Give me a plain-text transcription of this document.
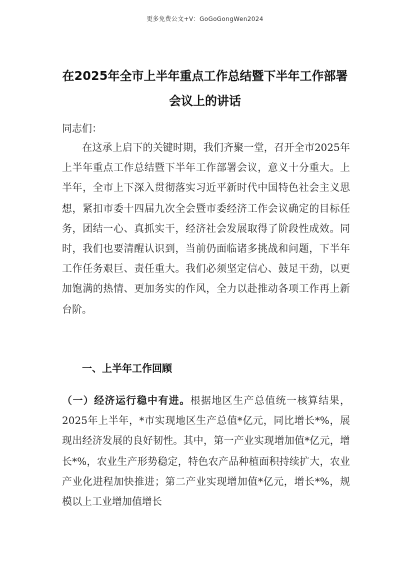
更多免费公文+V：GoGoGongWen2024
在2025年全市上半年重点工作总结暨下半年工作部署会议上的讲话
同志们：
在这承上启下的关键时期，我们齐聚一堂，召开全市2025年上半年重点工作总结暨下半年工作部署会议，意义十分重大。上半年，全市上下深入贯彻落实习近平新时代中国特色社会主义思想，紧扣市委十四届九次全会暨市委经济工作会议确定的目标任务，团结一心、真抓实干，经济社会发展取得了阶段性成效。同时，我们也要清醒认识到，当前仍面临诸多挑战和问题，下半年工作任务艰巨、责任重大。我们必须坚定信心、鼓足干劲，以更加饱满的热情、更加务实的作风，全力以赴推动各项工作再上新台阶。
一、上半年工作回顾
（一）经济运行稳中有进。根据地区生产总值统一核算结果，2025年上半年，*市实现地区生产总值*亿元，同比增长*%，展现出经济发展的良好韧性。其中，第一产业实现增加值*亿元，增长*%，农业生产形势稳定，特色农产品种植面积持续扩大，农业产业化进程加快推进；第二产业实现增加值*亿元，增长*%，规模以上工业增加值增长
